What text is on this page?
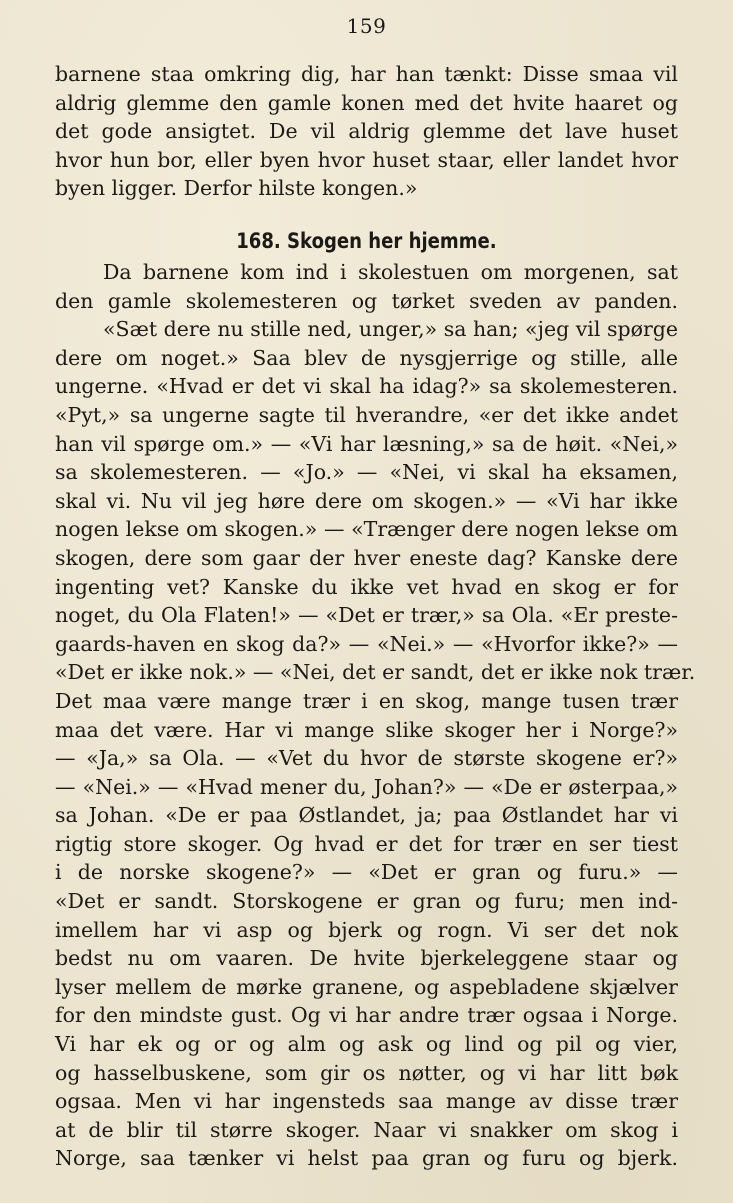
159
barnene staa omkring dig, har han tænkt: Disse smaa vil
aldrig glemme den gamle konen med det hvite haaret og
det gode ansigtet. De vil aldrig glemme det lave huset
hvor hun bor, eller byen hvor huset staar, eller landet hvor
byen ligger. Derfor hilste kongen.»
168. Skogen her hjemme.
Da barnene kom ind i skolestuen om morgenen, sat
den gamle skolemesteren og tørket sveden av panden.
«Sæt dere nu stille ned, unger,» sa han; «jeg vil spørge
dere om noget.» Saa blev de nysgjerrige og stille, alle
ungerne. «Hvad er det vi skal ha idag?» sa skolemesteren.
«Pyt,» sa ungerne sagte til hverandre, «er det ikke andet
han vil spørge om.» — «Vi har læsning,» sa de høit. «Nei,»
sa skolemesteren. — «Jo.» — «Nei, vi skal ha eksamen,
skal vi. Nu vil jeg høre dere om skogen.» — «Vi har ikke
nogen lekse om skogen.» — «Trænger dere nogen lekse om
skogen, dere som gaar der hver eneste dag? Kanske dere
ingenting vet? Kanske du ikke vet hvad en skog er for
noget, du Ola Flaten!» — «Det er trær,» sa Ola. «Er preste-
gaards-haven en skog da?» — «Nei.» — «Hvorfor ikke?» —
«Det er ikke nok.» — «Nei, det er sandt, det er ikke nok trær.
Det maa være mange trær i en skog, mange tusen trær
maa det være. Har vi mange slike skoger her i Norge?»
— «Ja,» sa Ola. — «Vet du hvor de største skogene er?»
— «Nei.» — «Hvad mener du, Johan?» — «De er østerpaa,»
sa Johan. «De er paa Østlandet, ja; paa Østlandet har vi
rigtig store skoger. Og hvad er det for trær en ser tiest
i de norske skogene?» — «Det er gran og furu.» —
«Det er sandt. Storskogene er gran og furu; men ind-
imellem har vi asp og bjerk og rogn. Vi ser det nok
bedst nu om vaaren. De hvite bjerkeleggene staar og
lyser mellem de mørke granene, og aspebladene skjælver
for den mindste gust. Og vi har andre trær ogsaa i Norge.
Vi har ek og or og alm og ask og lind og pil og vier,
og hasselbuskene, som gir os nøtter, og vi har litt bøk
ogsaa. Men vi har ingensteds saa mange av disse trær
at de blir til større skoger. Naar vi snakker om skog i
Norge, saa tænker vi helst paa gran og furu og bjerk.
